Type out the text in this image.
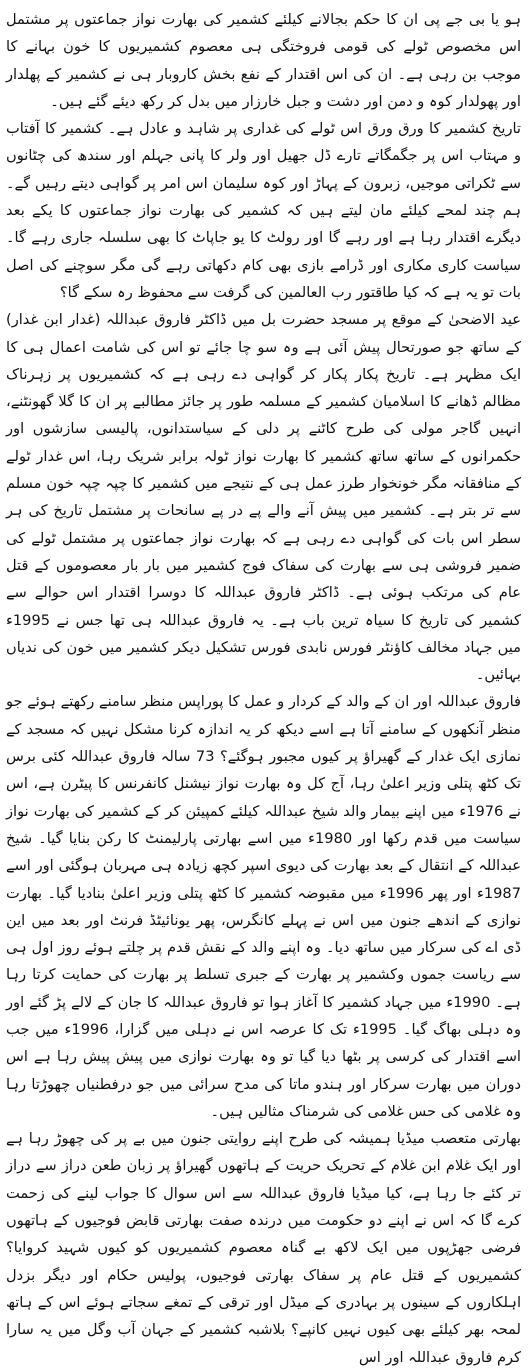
ہو یا بی جے پی ان کا حکم بجالانے کیلئے کشمیر کی بھارت نواز جماعتوں پر مشتمل اس مخصوص ٹولے کی قومی فروختگی ہی معصوم کشمیریوں کا خون بہانے کا موجب بن رہی ہے۔ ان کی اس اقتدار کے نفع بخش کاروبار ہی نے کشمیر کے پھلدار اور پھولدار کوہ و دمن اور دشت و جبل خارزار میں بدل کر رکھ دیئے گئے ہیں۔

تاریخ کشمیر کا ورق ورق اس ٹولے کی غداری پر شاہد و عادل ہے۔ کشمیر کا آفتاب و مہتاب اس پر جگمگاتے تارے ڈل جھیل اور ولر کا پانی جہلم اور سندھ کی چٹانوں سے ٹکراتی موجیں، زبرون کے پہاڑ اور کوہ سلیمان اس امر پر گواہی دیتے رہیں گے۔ ہم چند لمحے کیلئے مان لیتے ہیں کہ کشمیر کی بھارت نواز جماعتوں کا یکے بعد دیگرے اقتدار رہا ہے اور رہے گا اور رولٹ کا یو جاپاٹ کا بھی سلسلہ جاری رہے گا۔ سیاست کاری مکاری اور ڈرامے بازی بھی کام دکھاتی رہے گی مگر سوچنے کی اصل بات تو یہ ہے کہ کیا طاقتور رب العالمین کی گرفت سے محفوظ رہ سکے گا؟

عید الاضحیٰ کے موقع پر مسجد حضرت بل میں ڈاکٹر فاروق عبداللہ (غدار ابن غدار) کے ساتھ جو صورتحال پیش آئی ہے وہ سو چا جائے تو اس کی شامت اعمال ہی کا ایک مظہر ہے۔ تاریخ پکار پکار کر گواہی دے رہی ہے کہ کشمیریوں پر زہرناک مظالم ڈھانے کا اسلامیان کشمیر کے مسلمہ طور پر جائز مطالبے پر ان کا گلا گھونٹنے، انہیں گاجر مولی کی طرح کاٹنے پر دلی کے سیاستدانوں، پالیسی سازشوں اور حکمرانوں کے ساتھ ساتھ کشمیر کا بھارت نواز ٹولہ برابر شریک رہا، اس غدار ٹولے کے منافقانہ مگر خونخوار طرز عمل ہی کے نتیجے میں کشمیر کا چپہ چپہ خون مسلم سے تر بتر ہے۔ کشمیر میں پیش آنے والے پے در پے سانحات پر مشتمل تاریخ کی ہر سطر اس بات کی گواہی دے رہی ہے کہ بھارت نواز جماعتوں پر مشتمل ٹولے کی ضمیر فروشی ہی سے بھارت کی سفاک فوج کشمیر میں بار بار معصوموں کے قتل عام کی مرتکب ہوئی ہے۔ ڈاکٹر فاروق عبداللہ کا دوسرا اقتدار اس حوالے سے کشمیر کی تاریخ کا سیاہ ترین باب ہے۔ یہ فاروق عبداللہ ہی تھا جس نے 1995ء میں جہاد مخالف کاؤنٹر فورس نابدی فورس تشکیل دیکر کشمیر میں خون کی ندیاں بہائیں۔

فاروق عبداللہ اور ان کے والد کے کردار و عمل کا پوراپس منظر سامنے رکھتے ہوئے جو منظر آنکھوں کے سامنے آتا ہے اسے دیکھ کر یہ اندازہ کرنا مشکل نہیں کہ مسجد کے نمازی ایک غدار کے گھیراؤ پر کیوں مجبور ہوگئے؟ 73 سالہ فاروق عبداللہ کئی برس تک کٹھ پتلی وزیر اعلیٰ رہا، آج کل وہ بھارت نواز نیشنل کانفرنس کا پیٹرن ہے، اس نے 1976ء میں اپنے بیمار والد شیخ عبداللہ کیلئے کمپیئن کر کے کشمیر کی بھارت نواز سیاست میں قدم رکھا اور 1980ء میں اسے بھارتی پارلیمنٹ کا رکن بنایا گیا۔ شیخ عبداللہ کے انتقال کے بعد بھارت کی دیوی اسپر کچھ زیادہ ہی مہربان ہوگئی اور اسے 1987ء اور پھر 1996ء میں مقبوضہ کشمیر کا کٹھ پتلی وزیر اعلیٰ بنادیا گیا۔ بھارت نوازی کے اندھے جنون میں اس نے پہلے کانگرس، پھر یونائیٹڈ فرنٹ اور بعد میں این ڈی اے کی سرکار میں ساتھ دیا۔ وہ اپنے والد کے نقش قدم پر چلتے ہوئے روز اول ہی سے ریاست جموں وکشمیر پر بھارت کے جبری تسلط پر بھارت کی حمایت کرتا رہا ہے۔ 1990ء میں جہاد کشمیر کا آغاز ہوا تو فاروق عبداللہ کا جان کے لالے پڑ گئے اور وہ دہلی بھاگ گیا۔ 1995ء تک کا عرصہ اس نے دہلی میں گزارا، 1996ء میں جب اسے اقتدار کی کرسی پر بٹھا دیا گیا تو وہ بھارت نوازی میں پیش پیش رہا ہے اس دوران میں بھارت سرکار اور ہندو ماتا کی مدح سرائی میں جو درفطنیاں چھوڑتا رہا وہ غلامی کی حس غلامی کی شرمناک مثالیں ہیں۔

بھارتی متعصب میڈیا ہمیشہ کی طرح اپنے روایتی جنون میں بے پر کی چھوڑ رہا ہے اور ایک غلام ابن غلام کے تحریک حریت کے ہاتھوں گھیراؤ پر زبان طعن دراز سے دراز تر کئے جا رہا ہے، کیا میڈیا فاروق عبداللہ سے اس سوال کا جواب لینے کی زحمت کرے گا کہ اس نے اپنے دو حکومت میں درندہ صفت بھارتی قابض فوجیوں کے ہاتھوں فرضی جھڑپوں میں ایک لاکھ بے گناہ معصوم کشمیریوں کو کیوں شہید کروایا؟ کشمیریوں کے قتل عام پر سفاک بھارتی فوجیوں، پولیس حکام اور دیگر بزدل اہلکاروں کے سینوں پر بہادری کے میڈل اور ترقی کے تمغے سجاتے ہوئے اس کے ہاتھ لمحہ بھر کیلئے بھی کیوں نہیں کانپے؟ بلاشبہ کشمیر کے جہان آب وگل میں یہ سارا کرم فاروق عبداللہ اور اس
